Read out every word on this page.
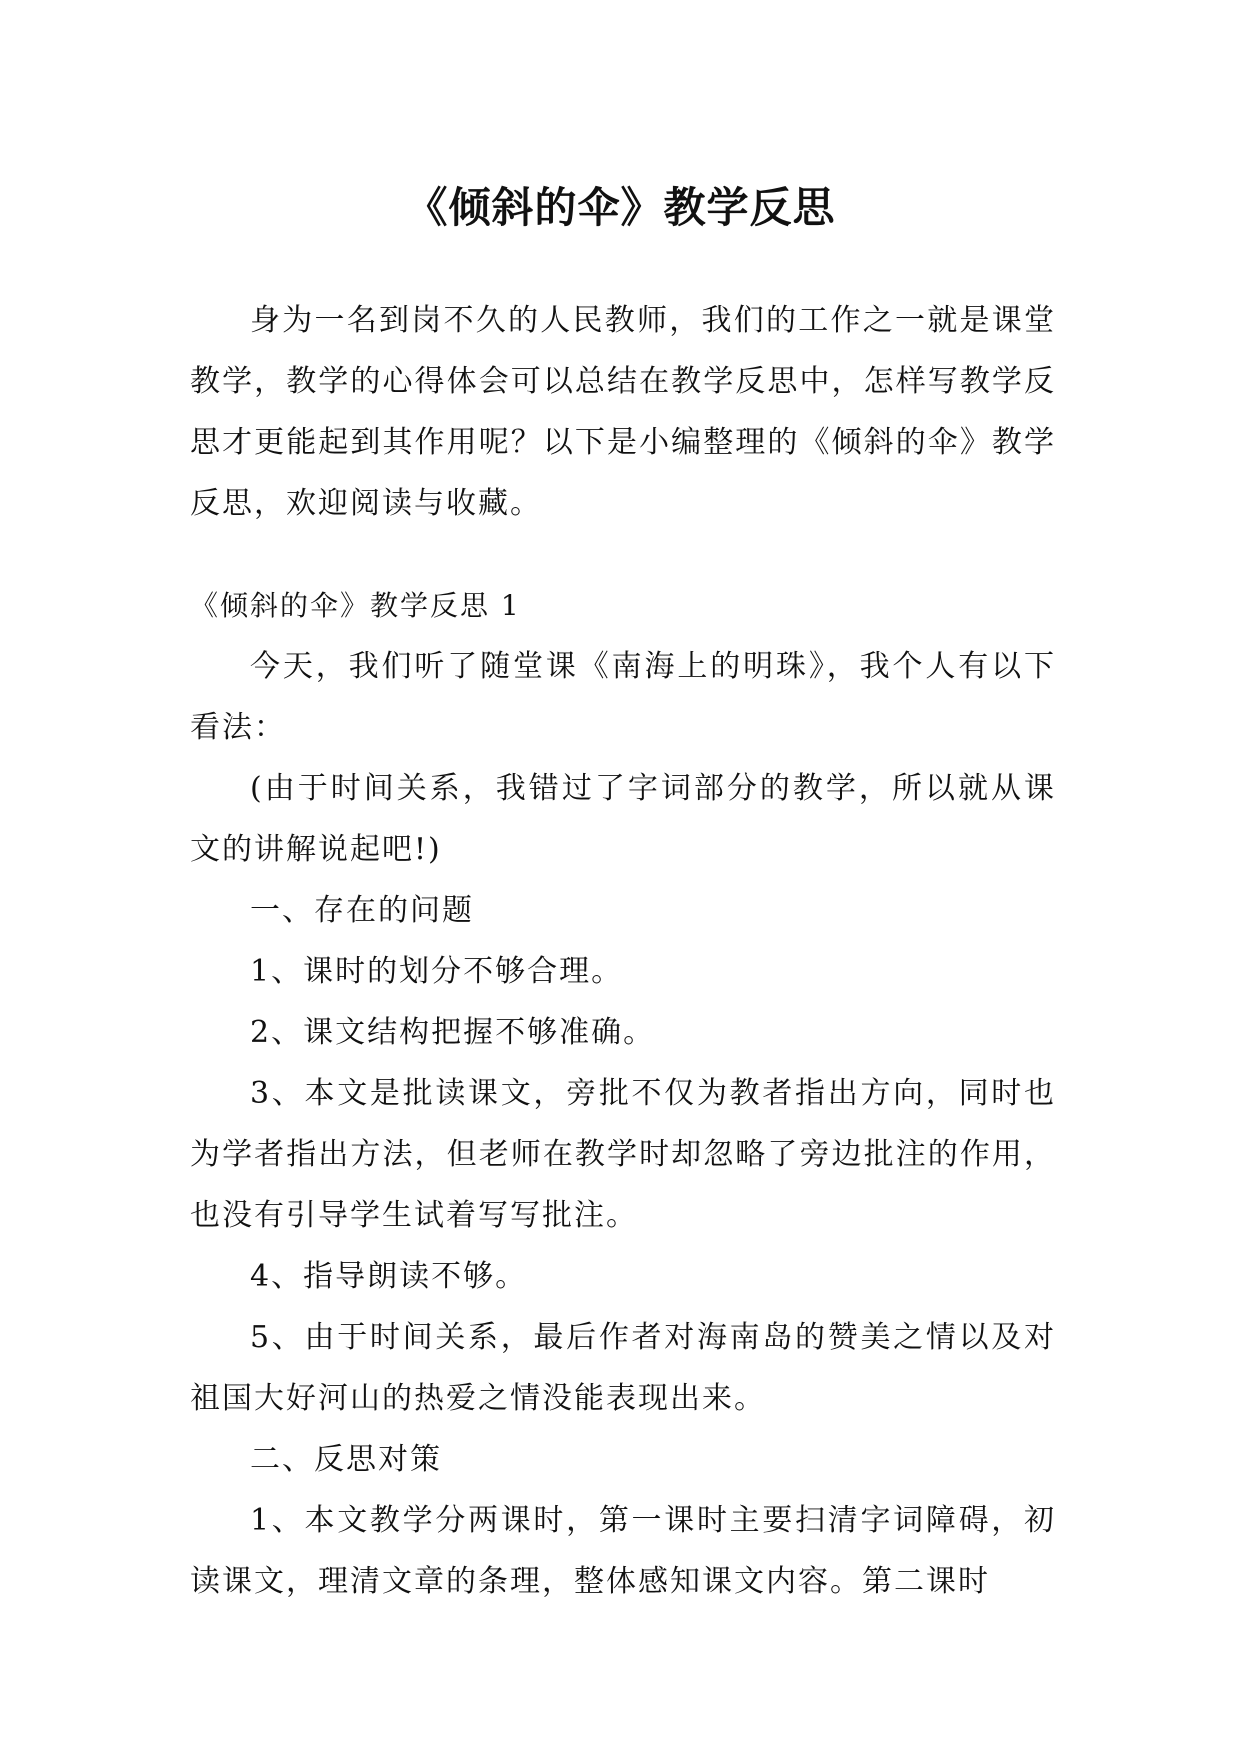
《倾斜的伞》教学反思

身为一名到岗不久的人民教师，我们的工作之一就是课堂教学，教学的心得体会可以总结在教学反思中，怎样写教学反思才更能起到其作用呢？以下是小编整理的《倾斜的伞》教学反思，欢迎阅读与收藏。

《倾斜的伞》教学反思 1

今天，我们听了随堂课《南海上的明珠》，我个人有以下看法：

(由于时间关系，我错过了字词部分的教学，所以就从课文的讲解说起吧!)

一、存在的问题

1、课时的划分不够合理。

2、课文结构把握不够准确。

3、本文是批读课文，旁批不仅为教者指出方向，同时也为学者指出方法，但老师在教学时却忽略了旁边批注的作用，也没有引导学生试着写写批注。

4、指导朗读不够。

5、由于时间关系，最后作者对海南岛的赞美之情以及对祖国大好河山的热爱之情没能表现出来。

二、反思对策

1、本文教学分两课时，第一课时主要扫清字词障碍，初读课文，理清文章的条理，整体感知课文内容。第二课时
